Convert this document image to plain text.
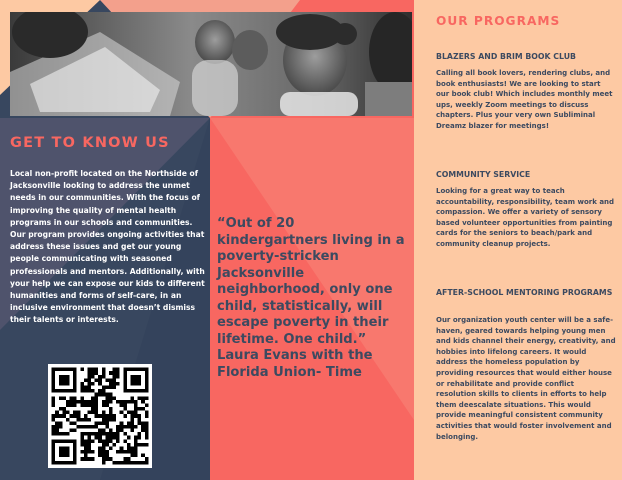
GET TO KNOW US

Local non-profit located on the Northside of Jacksonville looking to address the unmet needs in our communities. With the focus of improving the quality of mental health programs in our schools and communities. Our program provides ongoing activities that address these issues and get our young people communicating with seasoned professionals and mentors. Additionally, with your help we can expose our kids to different humanities and forms of self-care, in an inclusive environment that doesn’t dismiss their talents or interests.

“Out of 20 kindergartners living in a poverty-stricken Jacksonville neighborhood, only one child, statistically, will escape poverty in their lifetime. One child.” Laura Evans with the Florida Union- Time

OUR PROGRAMS
BLAZERS AND BRIM BOOK CLUB

Calling all book lovers, rendering clubs, and book enthusiasts! We are looking to start our book club! Which includes monthly meet ups, weekly Zoom meetings to discuss chapters. Plus your very own Subliminal Dreamz blazer for meetings!

COMMUNITY SERVICE

Looking for a great way to teach accountability, responsibility, team work and compassion. We offer a variety of sensory based volunteer opportunities from painting cards for the seniors to beach/park and community cleanup projects.

AFTER-SCHOOL MENTORING PROGRAMS

Our organization youth center will be a safe-haven, geared towards helping young men and kids channel their energy, creativity, and hobbies into lifelong careers. It would address the homeless population by providing resources that would either house or rehabilitate and provide conflict resolution skills to clients in efforts to help them deescalate situations. This would provide meaningful consistent community activities that would foster involvement and belonging.
